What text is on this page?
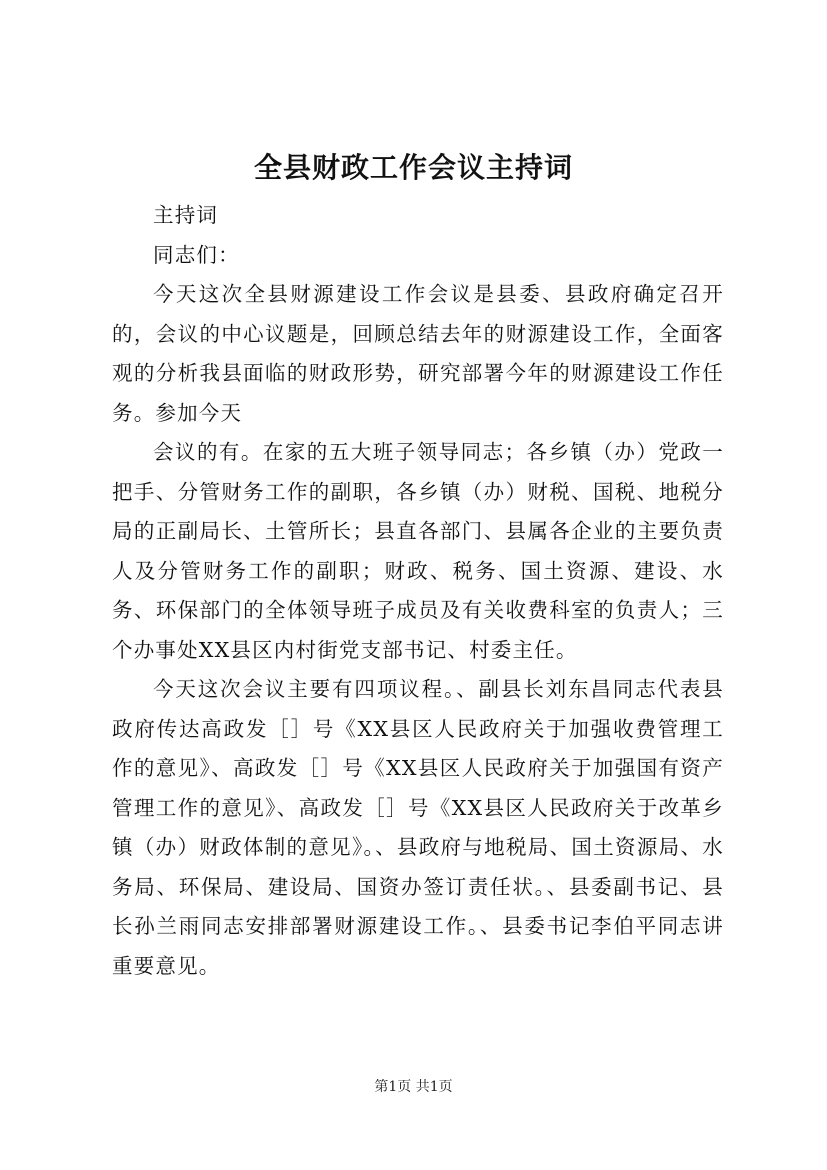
全县财政工作会议主持词

主持词

同志们：

今天这次全县财源建设工作会议是县委、县政府确定召开的，会议的中心议题是，回顾总结去年的财源建设工作，全面客观的分析我县面临的财政形势，研究部署今年的财源建设工作任务。参加今天

会议的有。在家的五大班子领导同志；各乡镇（办）党政一把手、分管财务工作的副职，各乡镇（办）财税、国税、地税分局的正副局长、土管所长；县直各部门、县属各企业的主要负责人及分管财务工作的副职；财政、税务、国土资源、建设、水务、环保部门的全体领导班子成员及有关收费科室的负责人；三个办事处XX县区内村街党支部书记、村委主任。

今天这次会议主要有四项议程。、副县长刘东昌同志代表县政府传达高政发［］号《XX县区人民政府关于加强收费管理工作的意见》、高政发［］号《XX县区人民政府关于加强国有资产管理工作的意见》、高政发［］号《XX县区人民政府关于改革乡镇（办）财政体制的意见》。、县政府与地税局、国土资源局、水务局、环保局、建设局、国资办签订责任状。、县委副书记、县长孙兰雨同志安排部署财源建设工作。、县委书记李伯平同志讲重要意见。

第1页 共1页
